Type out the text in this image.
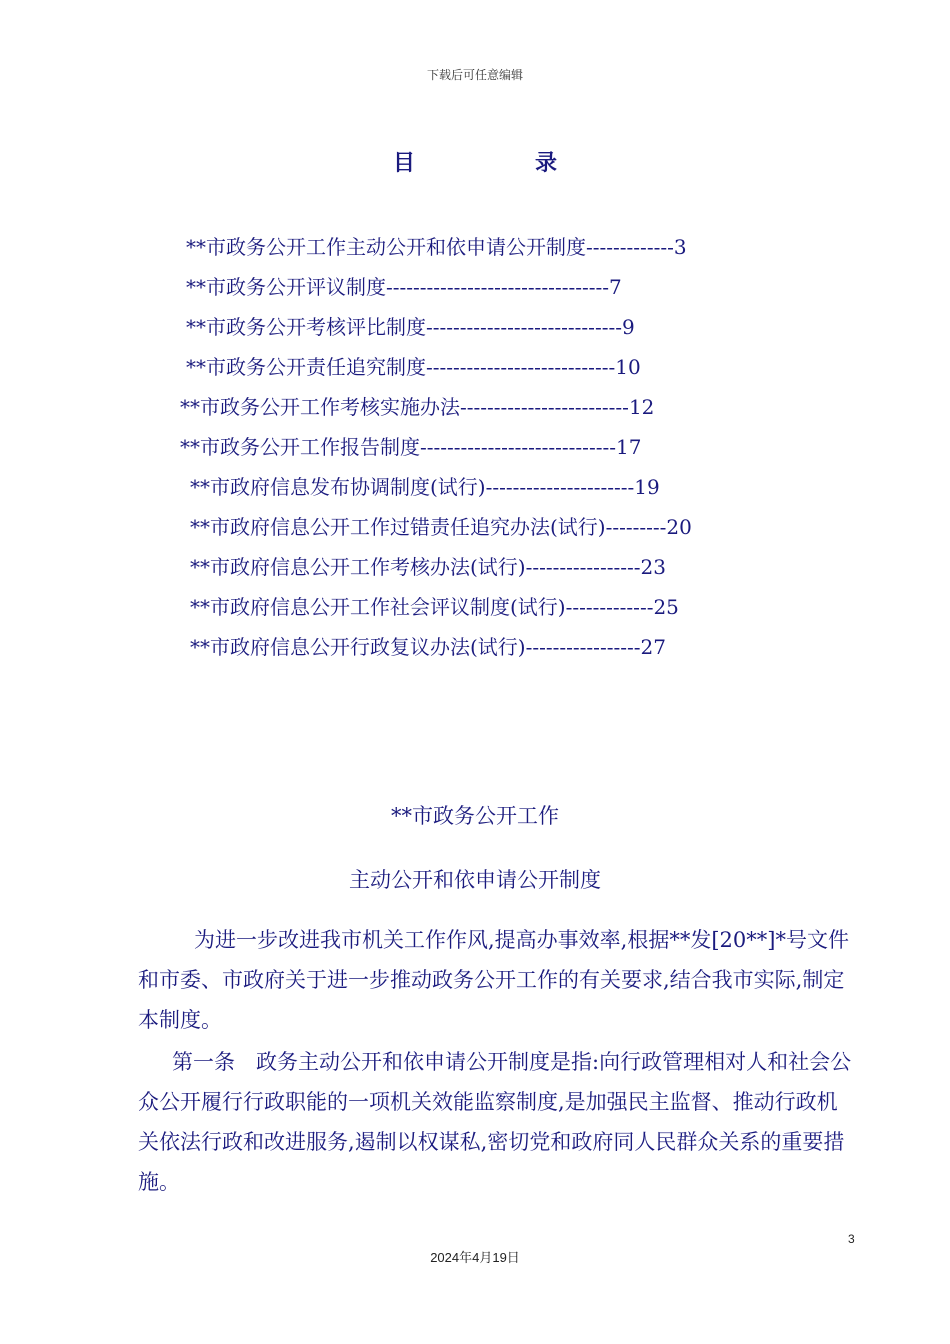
下载后可任意编辑
目	录
**市政务公开工作主动公开和依申请公开制度-------------3
**市政务公开评议制度---------------------------------7
**市政务公开考核评比制度-----------------------------9
**市政务公开责任追究制度----------------------------10
**市政务公开工作考核实施办法-------------------------12
**市政务公开工作报告制度-----------------------------17
**市政府信息发布协调制度(试行)----------------------19
**市政府信息公开工作过错责任追究办法(试行)---------20
**市政府信息公开工作考核办法(试行)-----------------23
**市政府信息公开工作社会评议制度(试行)-------------25
**市政府信息公开行政复议办法(试行)-----------------27
**市政务公开工作
主动公开和依申请公开制度
为进一步改进我市机关工作作风,提高办事效率,根据**发[20**]*号文件和市委、市政府关于进一步推动政务公开工作的有关要求,结合我市实际,制定本制度。
第一条　政务主动公开和依申请公开制度是指:向行政管理相对人和社会公众公开履行行政职能的一项机关效能监察制度,是加强民主监督、推动行政机关依法行政和改进服务,遏制以权谋私,密切党和政府同人民群众关系的重要措施。
3
2024年4月19日
